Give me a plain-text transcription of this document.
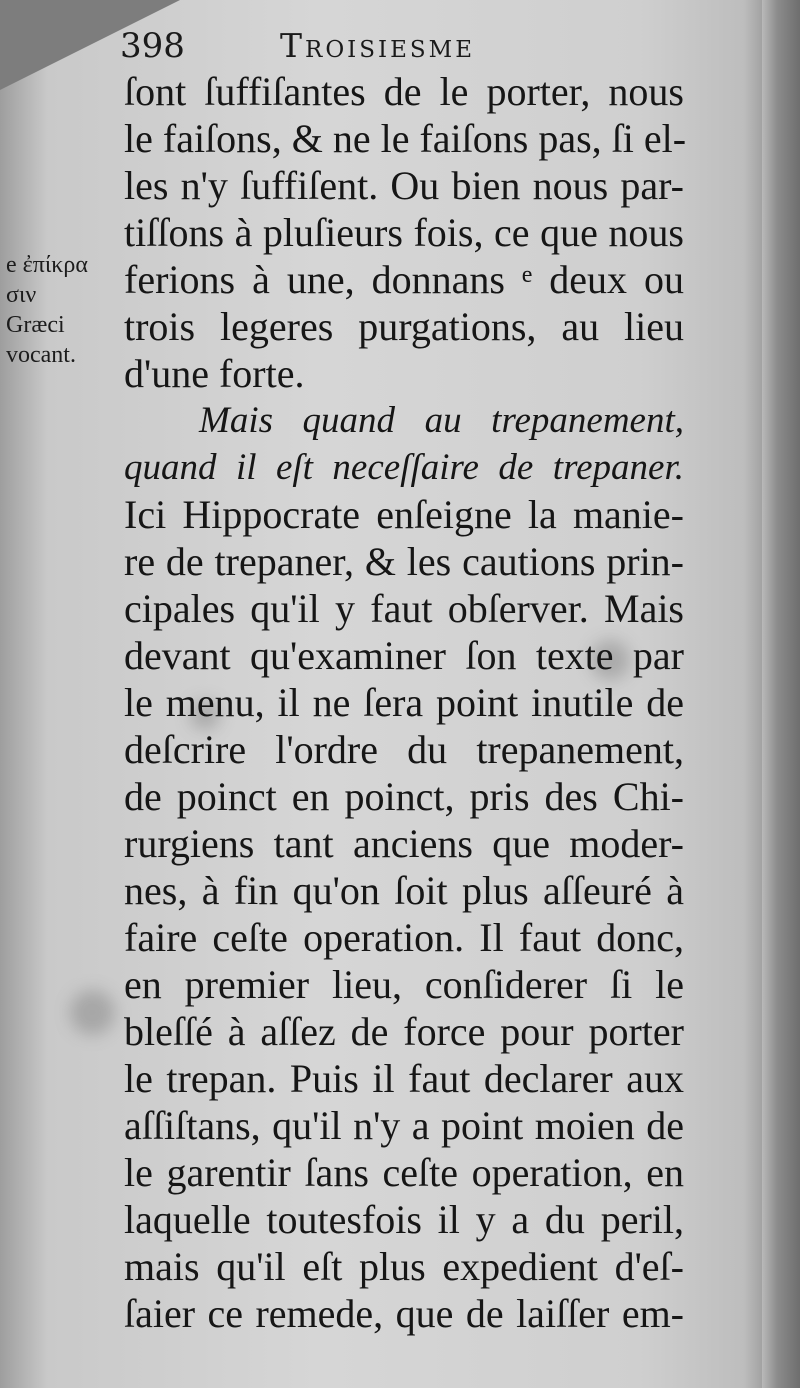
398	Troisiesme
e ἐπίκρα
σιν
Græci
vocant.
ſont ſuffiſantes de le porter, nous
le faiſons, & ne le faiſons pas, ſi el-
les n'y ſuffiſent. Ou bien nous par-
tiſſons à pluſieurs fois, ce que nous
ferions à une, donnans ᵉ deux ou
trois legeres purgations, au lieu
d'une forte.
Mais quand au trepanement,
quand il eſt neceſſaire de trepaner.
Ici Hippocrate enſeigne la manie-
re de trepaner, & les cautions prin-
cipales qu'il y faut obſerver. Mais
devant qu'examiner ſon texte par
le menu, il ne ſera point inutile de
deſcrire l'ordre du trepanement,
de poinct en poinct, pris des Chi-
rurgiens tant anciens que moder-
nes, à fin qu'on ſoit plus aſſeuré à
faire ceſte operation. Il faut donc,
en premier lieu, conſiderer ſi le
bleſſé à aſſez de force pour porter
le trepan. Puis il faut declarer aux
aſſiſtans, qu'il n'y a point moien de
le garentir ſans ceſte operation, en
laquelle toutesfois il y a du peril,
mais qu'il eſt plus expedient d'eſ-
ſaier ce remede, que de laiſſer em-
